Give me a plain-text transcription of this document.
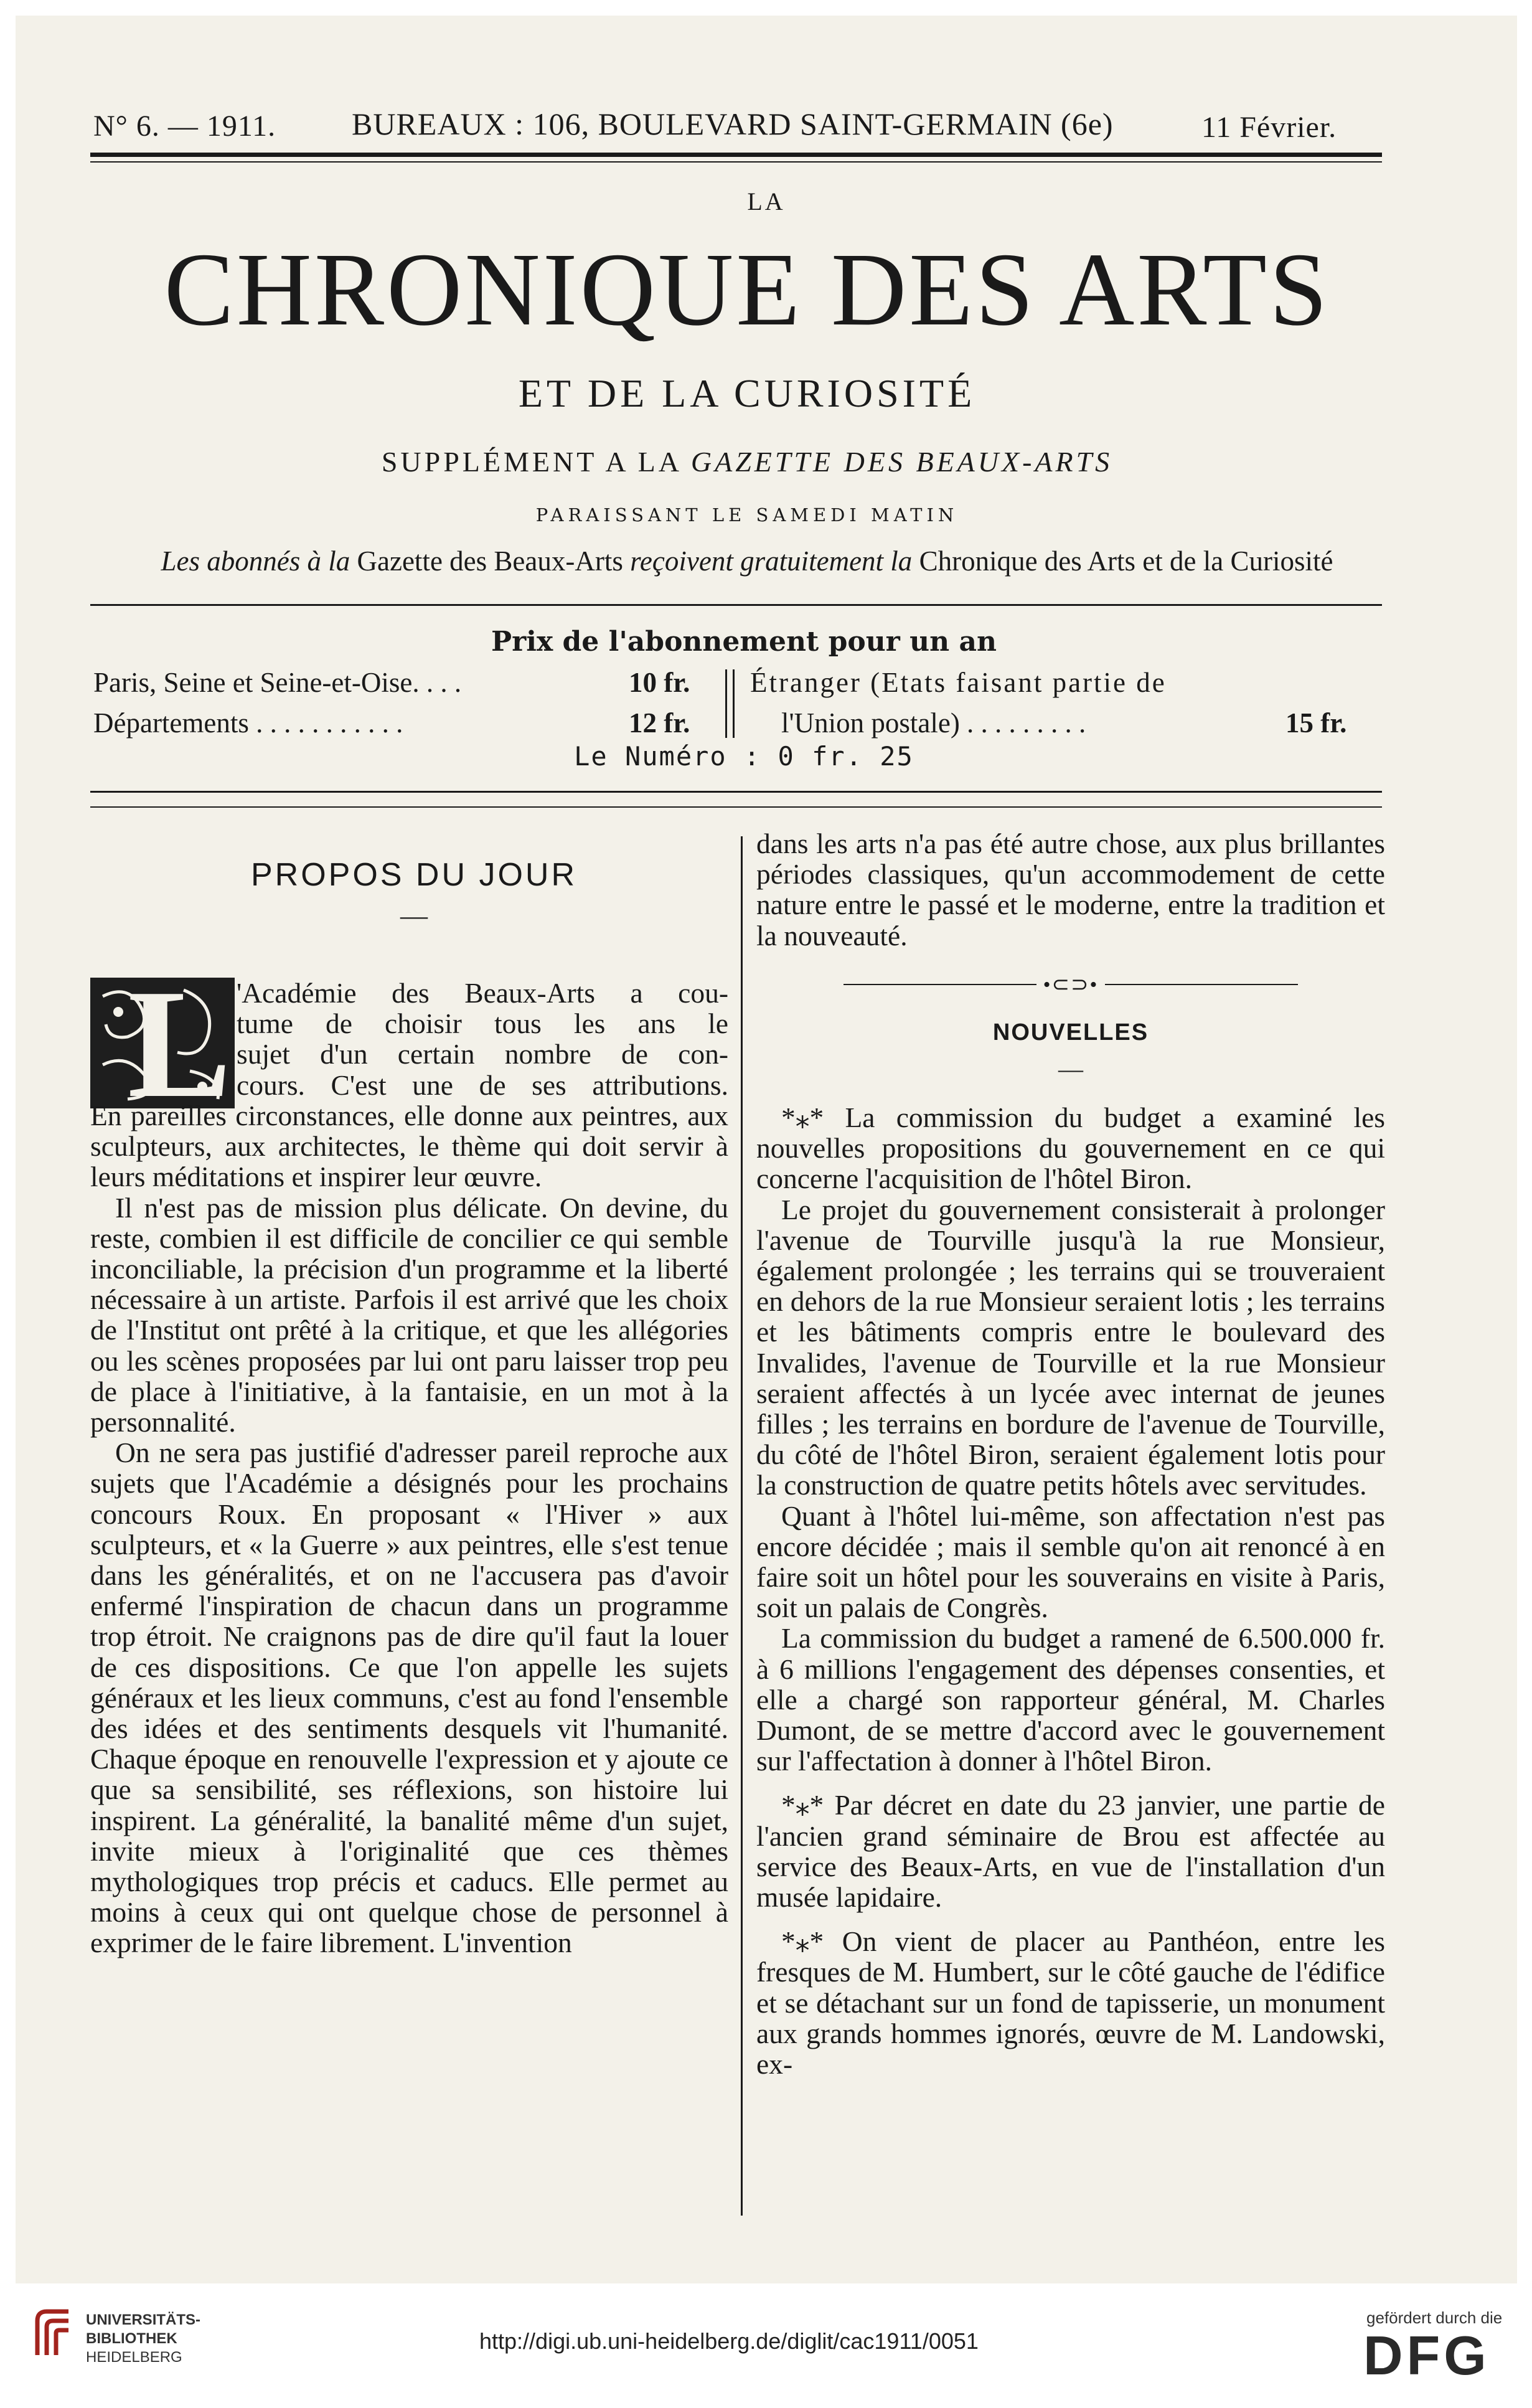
N° 6. — 1911. BUREAUX : 106, BOULEVARD SAINT-GERMAIN (6e)	11 Février.
LA
CHRONIQUE DES ARTS
ET DE LA CURIOSITÉ
SUPPLÉMENT A LA GAZETTE DES BEAUX-ARTS
PARAISSANT LE SAMEDI MATIN
Les abonnés à la Gazette des Beaux-Arts reçoivent gratuitement la Chronique des Arts et de la Curiosité
Prix de l'abonnement pour un an
Paris, Seine et Seine-et-Oise. . . .	10 fr.
Départements . . . . . . . . . . .	12 fr.
Étranger (Etats faisant partie de
l'Union postale) . . . . . . . . .	15 fr.
Le Numéro : 0 fr. 25
PROPOS DU JOUR
—
L 'Académie des Beaux-Arts a cou-

tume de choisir tous les ans le

sujet d'un certain nombre de con-

cours. C'est une de ses attributions.

En pareilles circonstances, elle donne aux peintres, aux sculpteurs, aux architectes, le thème qui doit servir à leurs méditations et inspirer leur œuvre.

Il n'est pas de mission plus délicate. On devine, du reste, combien il est difficile de concilier ce qui semble inconciliable, la précision d'un programme et la liberté nécessaire à un artiste. Parfois il est arrivé que les choix de l'Institut ont prêté à la critique, et que les allégories ou les scènes proposées par lui ont paru laisser trop peu de place à l'initiative, à la fantaisie, en un mot à la personnalité.

On ne sera pas justifié d'adresser pareil reproche aux sujets que l'Académie a désignés pour les prochains concours Roux. En proposant « l'Hiver » aux sculpteurs, et « la Guerre » aux peintres, elle s'est tenue dans les généralités, et on ne l'accusera pas d'avoir enfermé l'inspiration de chacun dans un programme trop étroit. Ne craignons pas de dire qu'il faut la louer de ces dispositions. Ce que l'on appelle les sujets généraux et les lieux communs, c'est au fond l'ensemble des idées et des sentiments desquels vit l'humanité. Chaque époque en renouvelle l'expression et y ajoute ce que sa sensibilité, ses réflexions, son histoire lui inspirent. La généralité, la banalité même d'un sujet, invite mieux à l'originalité que ces thèmes mythologiques trop précis et caducs. Elle permet au moins à ceux qui ont quelque chose de personnel à exprimer de le faire librement. L'invention

dans les arts n'a pas été autre chose, aux plus brillantes périodes classiques, qu'un accommodement de cette nature entre le passé et le moderne, entre la tradition et la nouveauté.

•⊂⊃•
NOUVELLES
—

*⁎* La commission du budget a examiné les nouvelles propositions du gouvernement en ce qui concerne l'acquisition de l'hôtel Biron.

Le projet du gouvernement consisterait à prolonger l'avenue de Tourville jusqu'à la rue Monsieur, également prolongée ; les terrains qui se trouveraient en dehors de la rue Monsieur seraient lotis ; les terrains et les bâtiments compris entre le boulevard des Invalides, l'avenue de Tourville et la rue Monsieur seraient affectés à un lycée avec internat de jeunes filles ; les terrains en bordure de l'avenue de Tourville, du côté de l'hôtel Biron, seraient également lotis pour la construction de quatre petits hôtels avec servitudes.

Quant à l'hôtel lui-même, son affectation n'est pas encore décidée ; mais il semble qu'on ait renoncé à en faire soit un hôtel pour les souverains en visite à Paris, soit un palais de Congrès.

La commission du budget a ramené de 6.500.000 fr. à 6 millions l'engagement des dépenses consenties, et elle a chargé son rapporteur général, M. Charles Dumont, de se mettre d'accord avec le gouvernement sur l'affectation à donner à l'hôtel Biron.

*⁎* Par décret en date du 23 janvier, une partie de l'ancien grand séminaire de Brou est affectée au service des Beaux-Arts, en vue de l'installation d'un musée lapidaire.

*⁎* On vient de placer au Panthéon, entre les fresques de M. Humbert, sur le côté gauche de l'édifice et se détachant sur un fond de tapisserie, un monument aux grands hommes ignorés, œuvre de M. Landowski, ex-

UNIVERSITÄTS-
BIBLIOTHEK
HEIDELBERG
http://digi.ub.uni-heidelberg.de/diglit/cac1911/0051
gefördert durch die
DFG
